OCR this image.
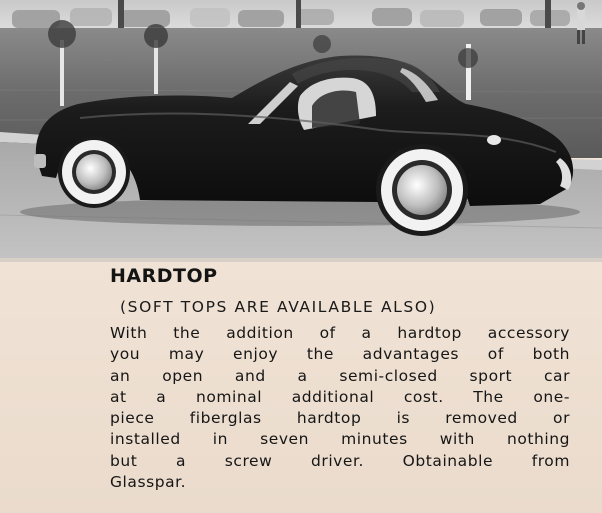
HARDTOP
(SOFT TOPS ARE AVAILABLE ALSO)
With the addition of a hardtop accessory
you may enjoy the advantages of both
an open and a semi-closed sport car
at a nominal additional cost. The one-
piece fiberglas hardtop is removed or
installed in seven minutes with nothing
but a screw driver. Obtainable from
Glasspar.
